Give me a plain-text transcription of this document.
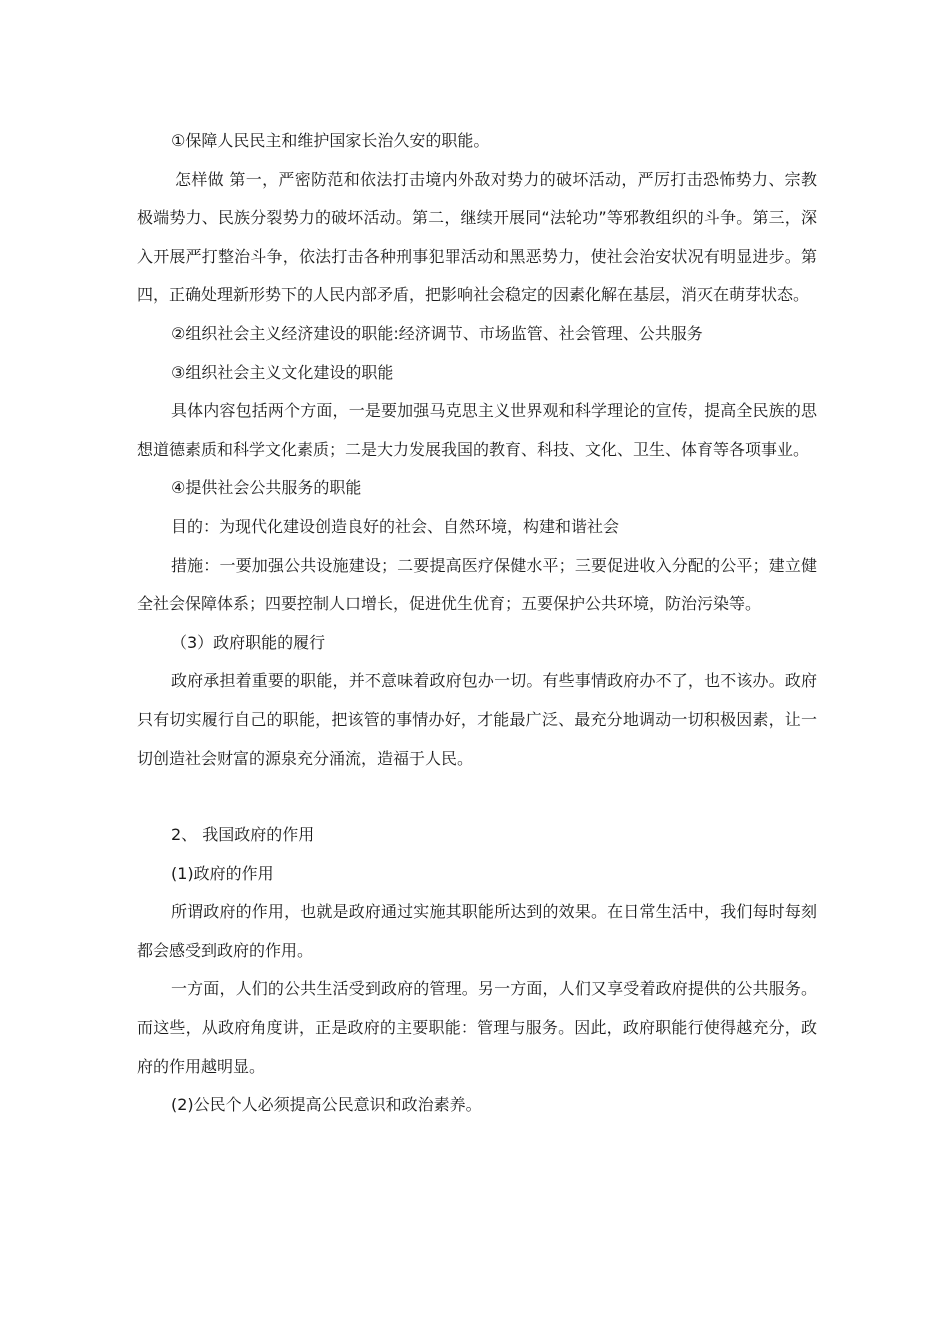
①保障人民民主和维护国家长治久安的职能。

怎样做 第一，严密防范和依法打击境内外敌对势力的破坏活动，严厉打击恐怖势力、宗教极端势力、民族分裂势力的破坏活动。第二，继续开展同“法轮功”等邪教组织的斗争。第三，深入开展严打整治斗争，依法打击各种刑事犯罪活动和黑恶势力，使社会治安状况有明显进步。第四，正确处理新形势下的人民内部矛盾，把影响社会稳定的因素化解在基层，消灭在萌芽状态。

②组织社会主义经济建设的职能:经济调节、市场监管、社会管理、公共服务

③组织社会主义文化建设的职能

具体内容包括两个方面，一是要加强马克思主义世界观和科学理论的宣传，提高全民族的思想道德素质和科学文化素质；二是大力发展我国的教育、科技、文化、卫生、体育等各项事业。

④提供社会公共服务的职能

目的：为现代化建设创造良好的社会、自然环境，构建和谐社会

措施：一要加强公共设施建设；二要提高医疗保健水平；三要促进收入分配的公平；建立健全社会保障体系；四要控制人口增长，促进优生优育；五要保护公共环境，防治污染等。

（3）政府职能的履行

政府承担着重要的职能，并不意味着政府包办一切。有些事情政府办不了，也不该办。政府只有切实履行自己的职能，把该管的事情办好，才能最广泛、最充分地调动一切积极因素，让一切创造社会财富的源泉充分涌流，造福于人民。

2、 我国政府的作用

(1)政府的作用

所谓政府的作用，也就是政府通过实施其职能所达到的效果。在日常生活中，我们每时每刻都会感受到政府的作用。

一方面，人们的公共生活受到政府的管理。另一方面，人们又享受着政府提供的公共服务。而这些，从政府角度讲，正是政府的主要职能：管理与服务。因此，政府职能行使得越充分，政府的作用越明显。

(2)公民个人必须提高公民意识和政治素养。
